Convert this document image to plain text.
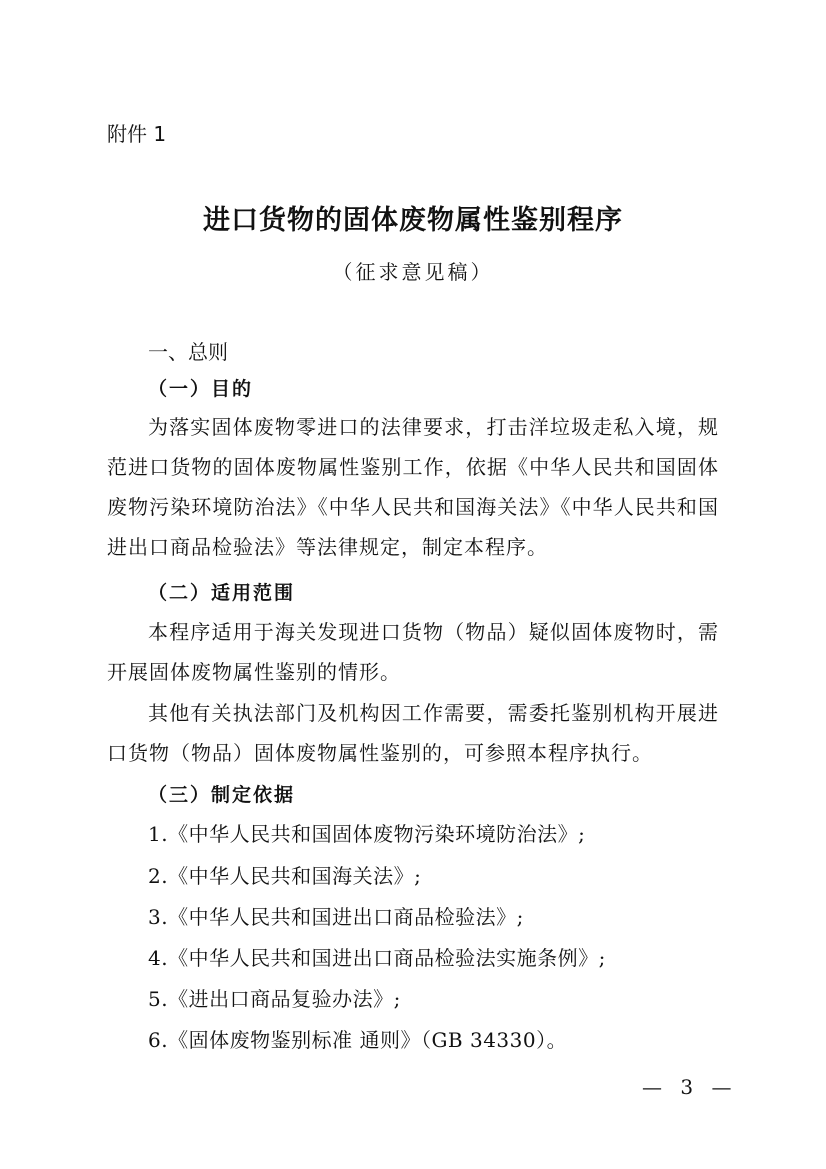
附件 1
进口货物的固体废物属性鉴别程序
（征求意见稿）
一、总则
（一）目的
为落实固体废物零进口的法律要求，打击洋垃圾走私入境，规范进口货物的固体废物属性鉴别工作，依据《中华人民共和国固体废物污染环境防治法》《中华人民共和国海关法》《中华人民共和国进出口商品检验法》等法律规定，制定本程序。
（二）适用范围
本程序适用于海关发现进口货物（物品）疑似固体废物时，需开展固体废物属性鉴别的情形。
其他有关执法部门及机构因工作需要，需委托鉴别机构开展进口货物（物品）固体废物属性鉴别的，可参照本程序执行。
（三）制定依据
1.《中华人民共和国固体废物污染环境防治法》;
2.《中华人民共和国海关法》;
3.《中华人民共和国进出口商品检验法》;
4.《中华人民共和国进出口商品检验法实施条例》;
5.《进出口商品复验办法》;
6.《固体废物鉴别标准 通则》（GB 34330）。
— 3 —
